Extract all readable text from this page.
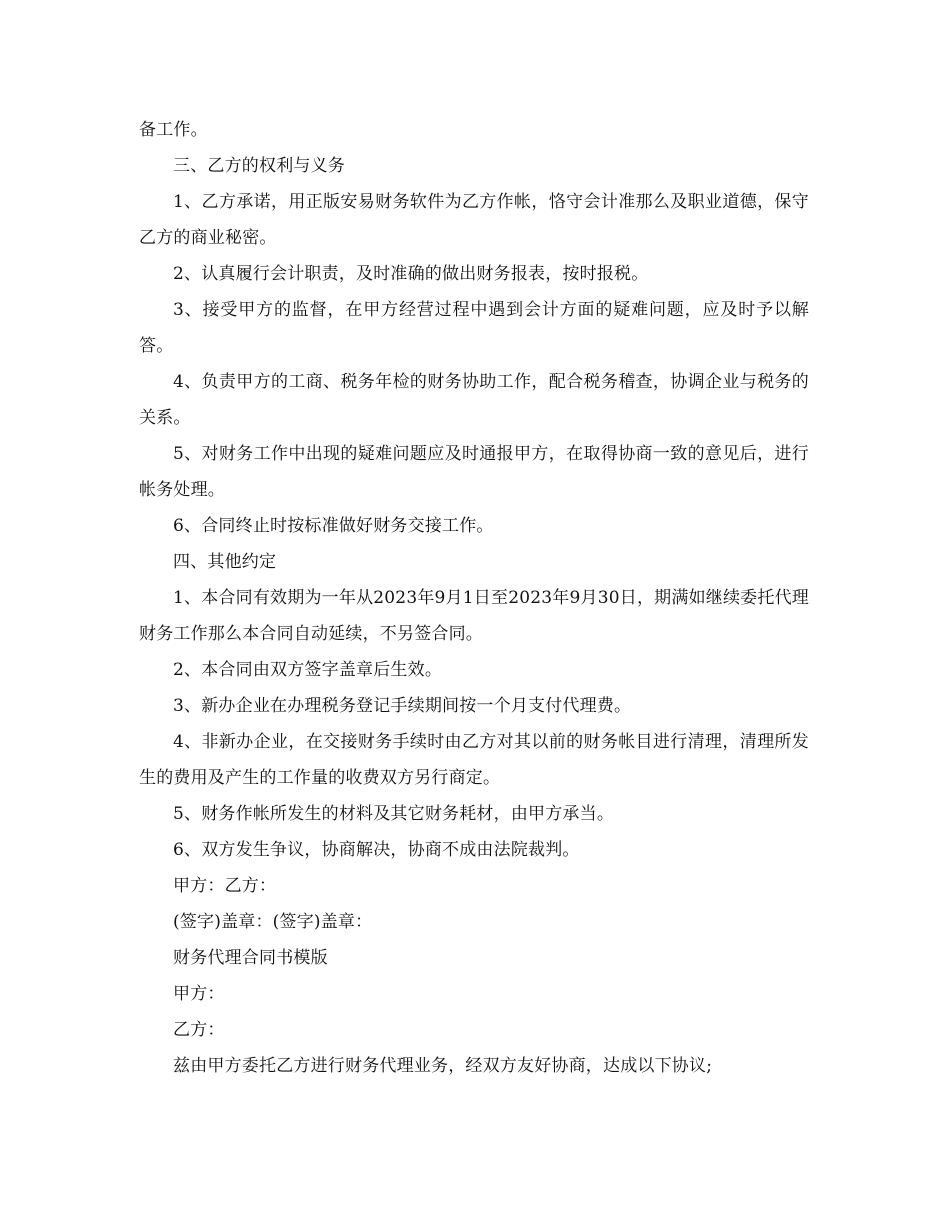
备工作。

三、乙方的权利与义务

1、乙方承诺，用正版安易财务软件为乙方作帐，恪守会计准那么及职业道德，保守乙方的商业秘密。

2、认真履行会计职责，及时准确的做出财务报表，按时报税。

3、接受甲方的监督，在甲方经营过程中遇到会计方面的疑难问题，应及时予以解答。

4、负责甲方的工商、税务年检的财务协助工作，配合税务稽查，协调企业与税务的关系。

5、对财务工作中出现的疑难问题应及时通报甲方，在取得协商一致的意见后，进行帐务处理。

6、合同终止时按标准做好财务交接工作。

四、其他约定

1、本合同有效期为一年从2023年9月1日至2023年9月30日，期满如继续委托代理财务工作那么本合同自动延续，不另签合同。

2、本合同由双方签字盖章后生效。

3、新办企业在办理税务登记手续期间按一个月支付代理费。

4、非新办企业，在交接财务手续时由乙方对其以前的财务帐目进行清理，清理所发生的费用及产生的工作量的收费双方另行商定。

5、财务作帐所发生的材料及其它财务耗材，由甲方承当。

6、双方发生争议，协商解决，协商不成由法院裁判。

甲方：乙方：

(签字)盖章：(签字)盖章：

财务代理合同书模版

甲方：

乙方：

兹由甲方委托乙方进行财务代理业务，经双方友好协商，达成以下协议;
